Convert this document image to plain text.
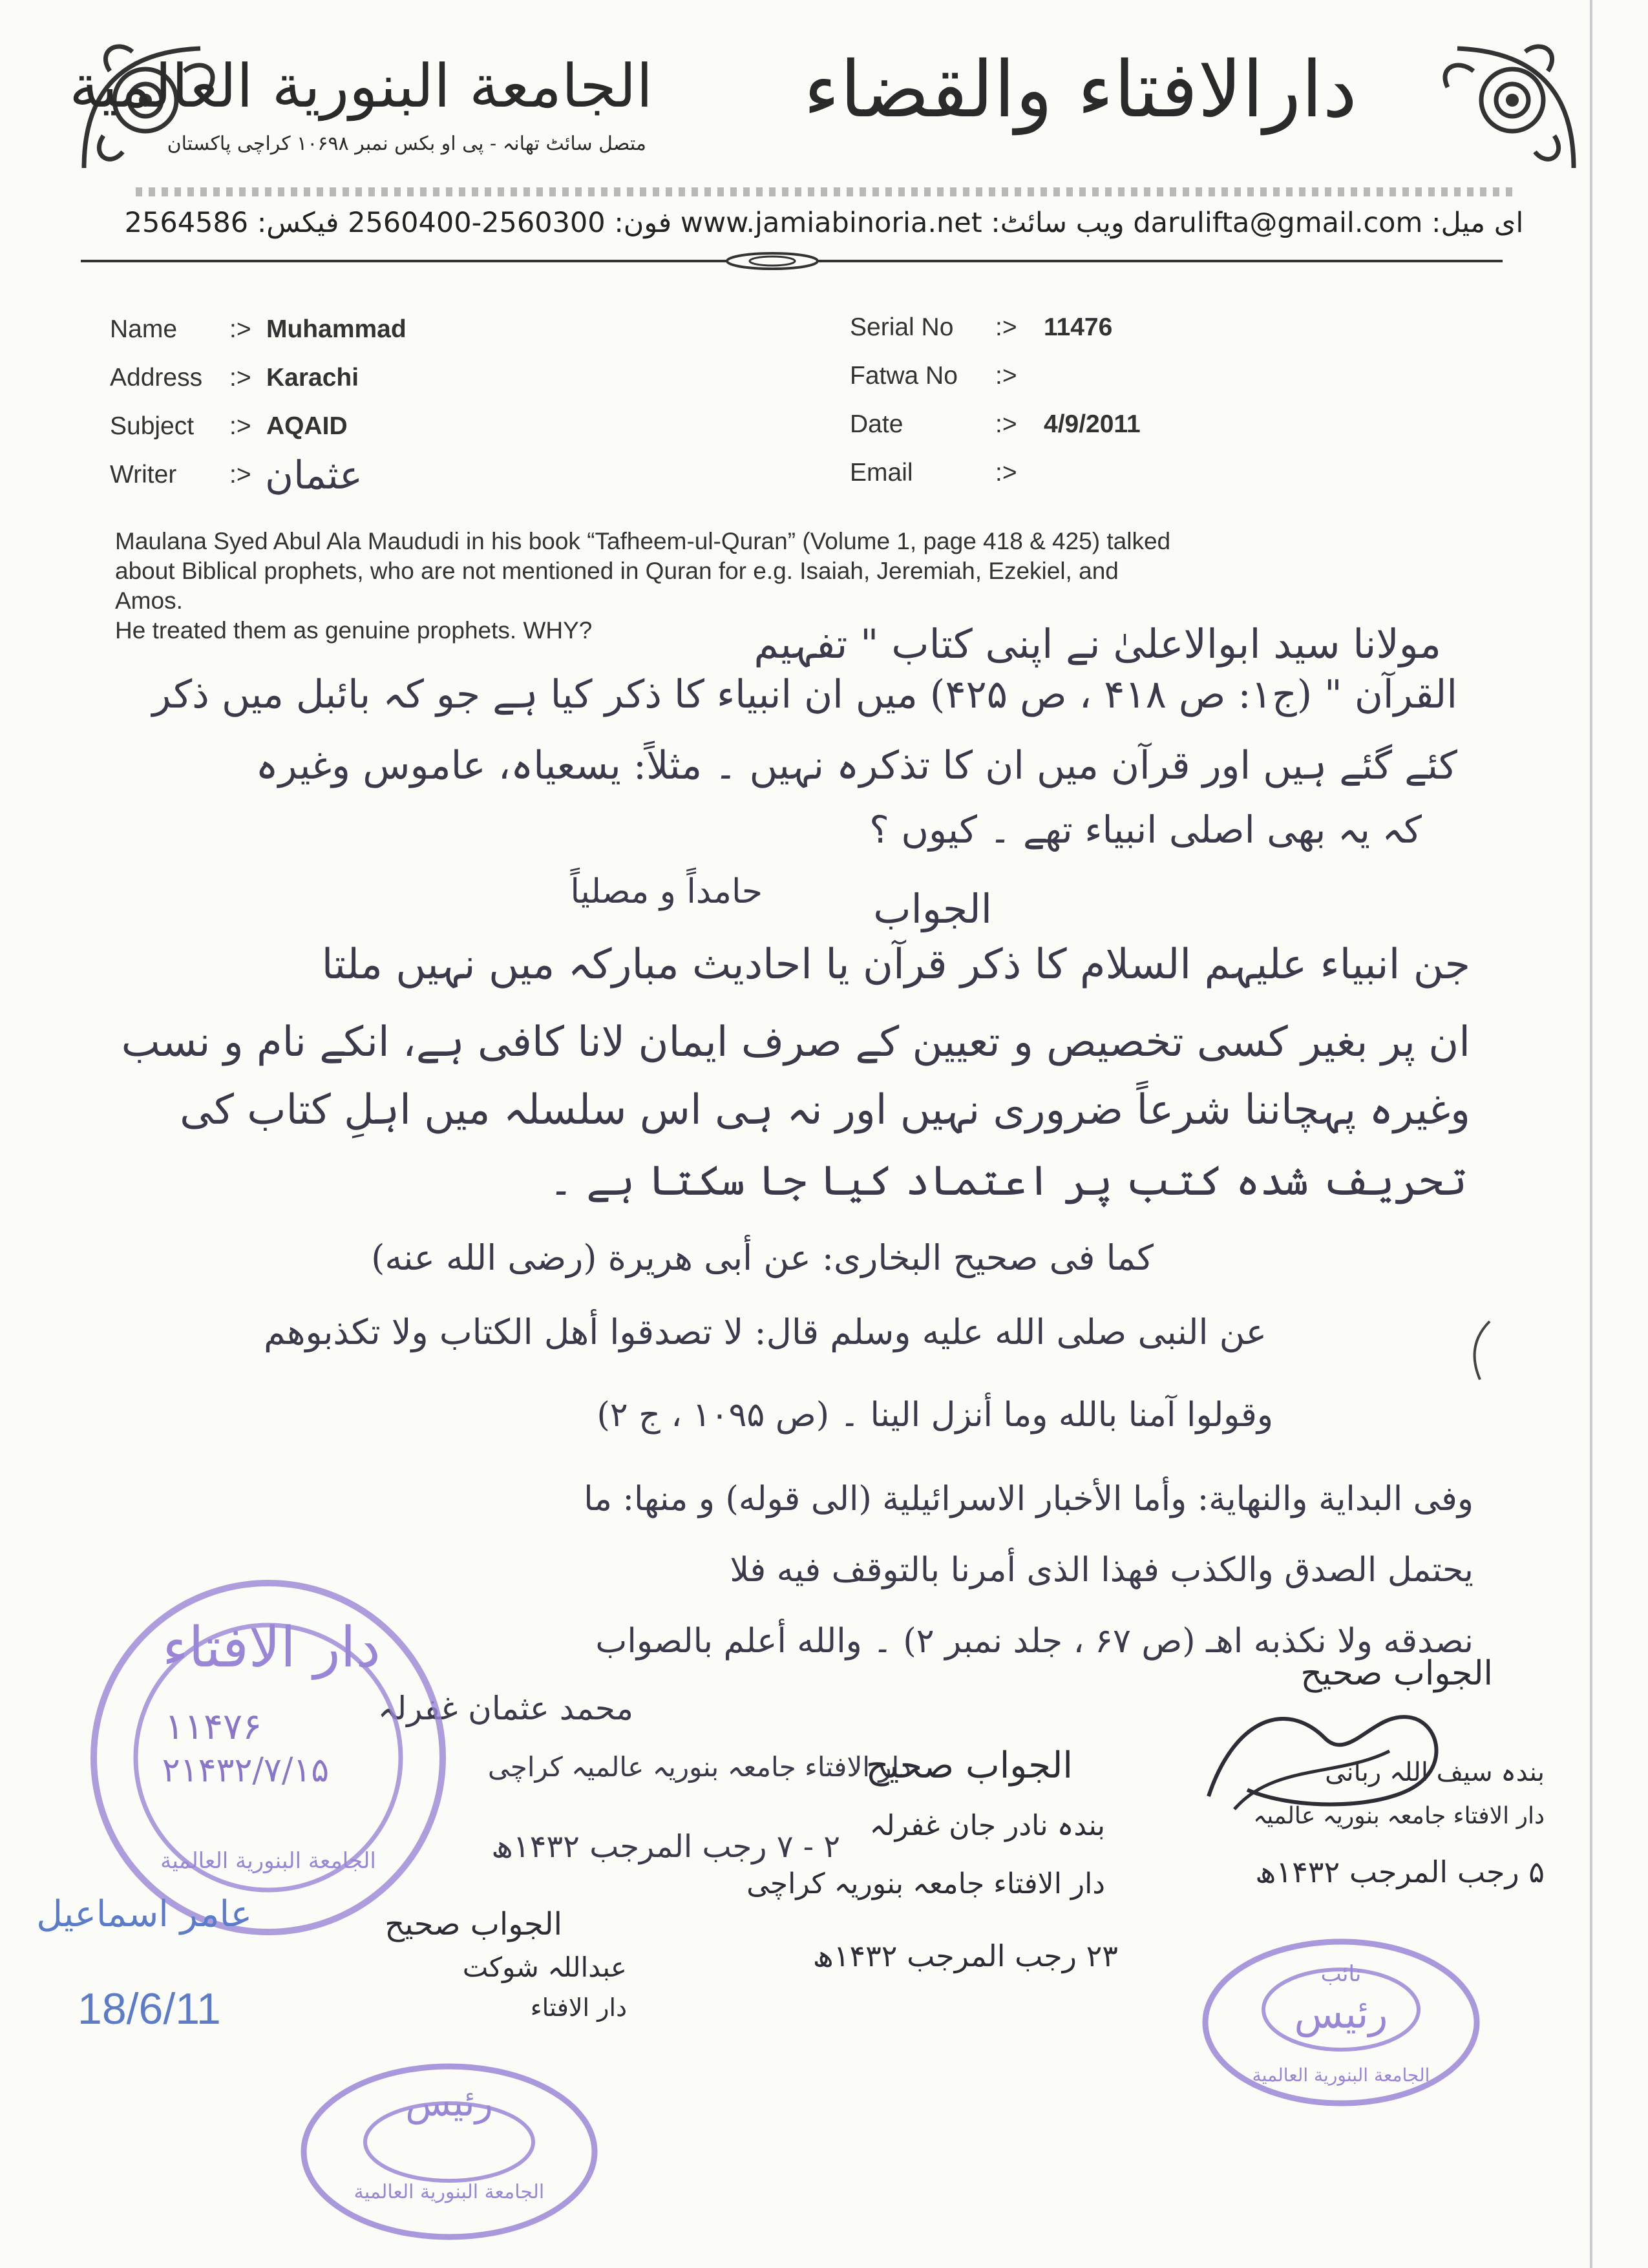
دارالافتاء والقضاء
الجامعة البنورية العالمية
متصل سائٹ تھانہ - پی او بکس نمبر ۱۰۶۹۸ کراچی پاکستان
ای میل: darulifta@gmail.com ویب سائٹ: www.jamiabinoria.net فون: 2560300-2560400 فیکس: 2564586
Name :> Muhammad
Address :> Karachi
Subject :> AQAID
Writer :> عثمان
Serial No :> 11476
Fatwa No :>
Date	:> 4/9/2011
Email	:>

Maulana Syed Abul Ala Maududi in his book “Tafheem-ul-Quran” (Volume 1, page 418 & 425) talked

about Biblical prophets, who are not mentioned in Quran for e.g. Isaiah, Jeremiah, Ezekiel, and

Amos.

He treated them as genuine prophets. WHY?	مولانا سید ابوالاعلیٰ نے اپنی کتاب " تفہیم
القرآن " (ج۱: ص ۴۱۸ ، ص ۴۲۵) میں ان انبیاء کا ذکر کیا ہے جو کہ بائبل میں ذکر
کئے گئے ہیں اور قرآن میں ان کا تذکرہ نہیں ۔ مثلاً: یسعیاہ، عاموس وغیرہ
کہ یہ بھی اصلی انبیاء تھے ۔ کیوں ؟
الجواب
حامداً و مصلیاً
جن انبیاء علیہم السلام کا ذکر قرآن یا احادیث مبارکہ میں نہیں ملتا
ان پر بغیر کسی تخصیص و تعیین کے صرف ایمان لانا کافی ہے، انکے نام و نسب
وغیرہ پہچاننا شرعاً ضروری نہیں اور نہ ہی اس سلسلہ میں اہلِ کتاب کی
تحریف شدہ کتب پر اعتماد کیا جا سکتا ہے ۔
کما فی صحیح البخاری: عن أبی هريرة (رضی الله عنه)
عن النبی صلی الله عليه وسلم قال: لا تصدقوا أهل الكتاب ولا تكذبوهم
وقولوا آمنا بالله وما أنزل الينا ۔ (ص ۱۰۹۵ ، ج ۲)
وفی البداية والنهاية: وأما الأخبار الاسرائيلية (الی قوله) و منها: ما
يحتمل الصدق والكذب فهذا الذی أمرنا بالتوقف فيه فلا
نصدقه ولا نكذبه اهـ (ص ۶۷ ، جلد نمبر ۲) ۔ والله أعلم بالصواب
محمد عثمان غفرلہ
دار الافتاء جامعہ بنوریہ عالمیہ کراچی
۲ - ۷ رجب المرجب ۱۴۳۲ھ
دار الافتاء
۱۱۴۷۶
۲۱۴۳۲/۷/۱۵
الجامعة البنورية العالمية
عامر اسماعیل
18/6/11
رئیس
الجامعة البنورية العالمية
الجواب صحیح
عبداللہ شوکت
دار الافتاء
الجواب صحیح
بندہ نادر جان غفرلہ
دار الافتاء جامعہ بنوریہ کراچی
۲۳ رجب المرجب ۱۴۳۲ھ
الجواب صحیح
بندہ سیف اللہ ربانی
دار الافتاء جامعہ بنوریہ عالمیہ
۵ رجب المرجب ۱۴۳۲ھ
نائب
رئیس
الجامعة البنورية العالمية
